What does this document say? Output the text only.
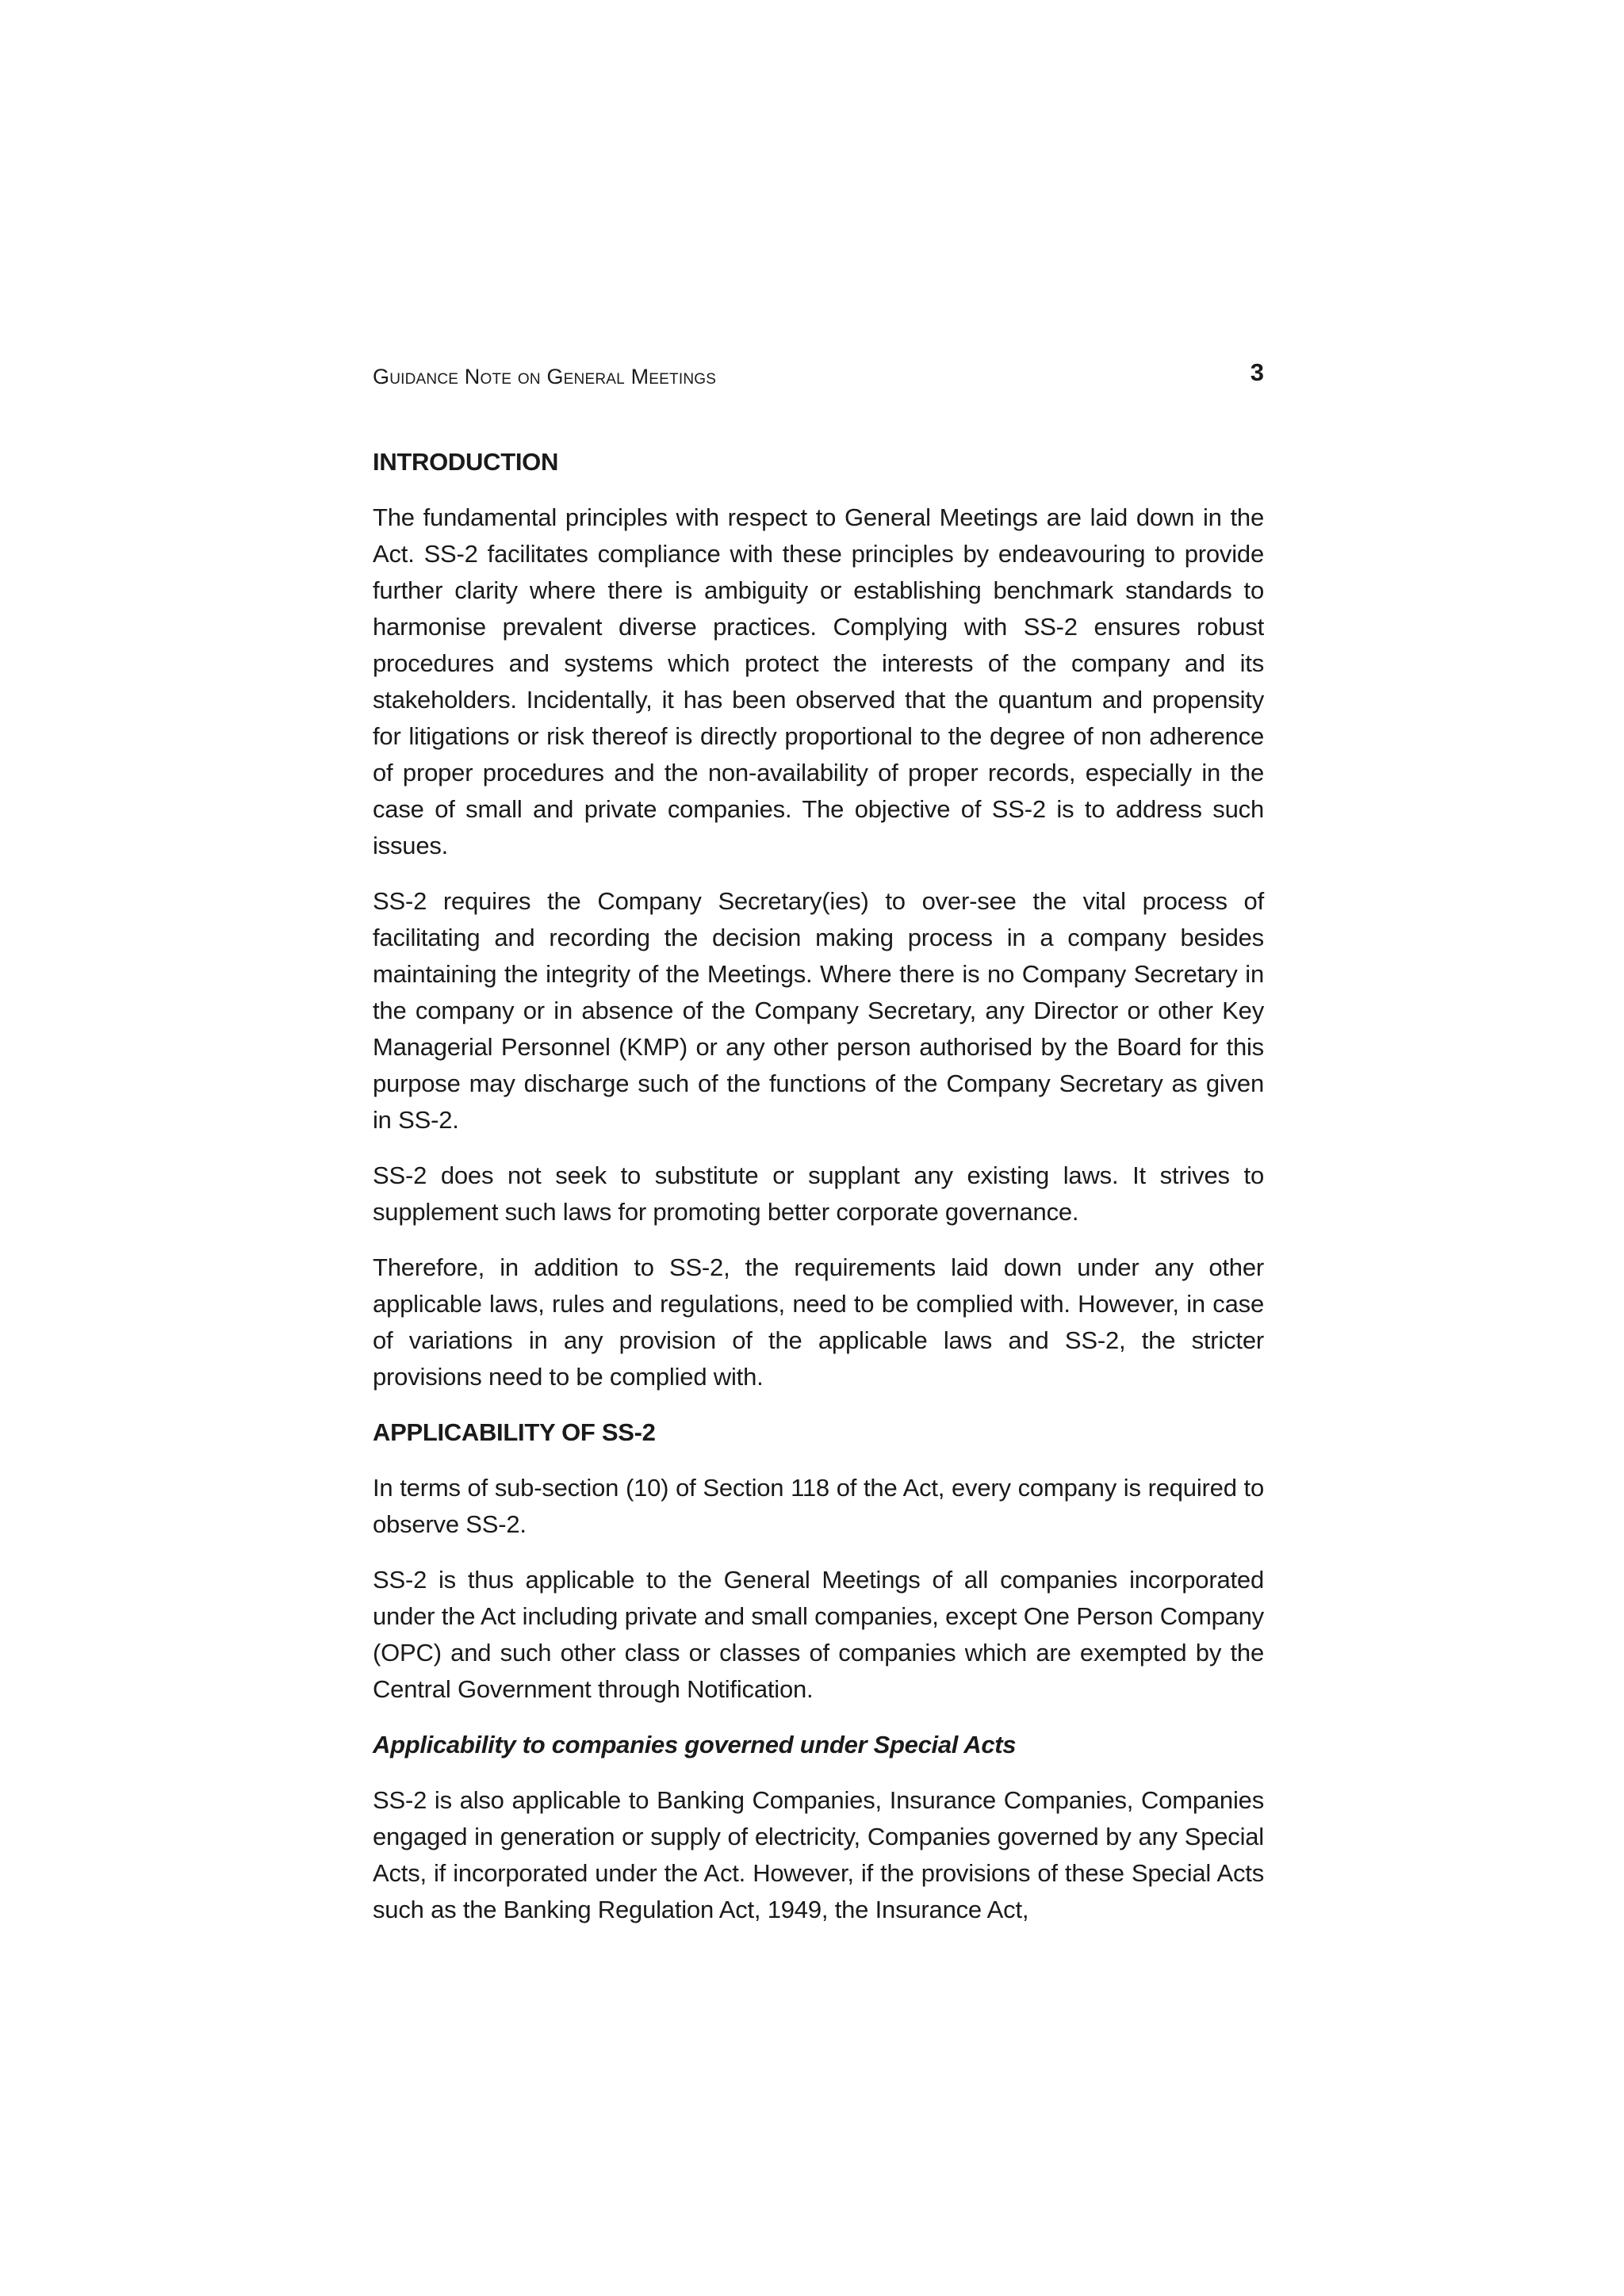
Guidance Note on General Meetings	3
INTRODUCTION

The fundamental principles with respect to General Meetings are laid down in the Act. SS-2 facilitates compliance with these principles by endeavouring to provide further clarity where there is ambiguity or establishing benchmark standards to harmonise prevalent diverse practices. Complying with SS-2 ensures robust procedures and systems which protect the interests of the company and its stakeholders. Incidentally, it has been observed that the quantum and propensity for litigations or risk thereof is directly proportional to the degree of non adherence of proper procedures and the non-availability of proper records, especially in the case of small and private companies. The objective of SS-2 is to address such issues.

SS-2 requires the Company Secretary(ies) to over-see the vital process of facilitating and recording the decision making process in a company besides maintaining the integrity of the Meetings. Where there is no Company Secretary in the company or in absence of the Company Secretary, any Director or other Key Managerial Personnel (KMP) or any other person authorised by the Board for this purpose may discharge such of the functions of the Company Secretary as given in SS-2.

SS-2 does not seek to substitute or supplant any existing laws. It strives to supplement such laws for promoting better corporate governance.

Therefore, in addition to SS-2, the requirements laid down under any other applicable laws, rules and regulations, need to be complied with. However, in case of variations in any provision of the applicable laws and SS-2, the stricter provisions need to be complied with.

APPLICABILITY OF SS-2

In terms of sub-section (10) of Section 118 of the Act, every company is required to observe SS-2.

SS-2 is thus applicable to the General Meetings of all companies incorporated under the Act including private and small companies, except One Person Company (OPC) and such other class or classes of companies which are exempted by the Central Government through Notification.

Applicability to companies governed under Special Acts

SS-2 is also applicable to Banking Companies, Insurance Companies, Companies engaged in generation or supply of electricity, Companies governed by any Special Acts, if incorporated under the Act. However, if the provisions of these Special Acts such as the Banking Regulation Act, 1949, the Insurance Act,
